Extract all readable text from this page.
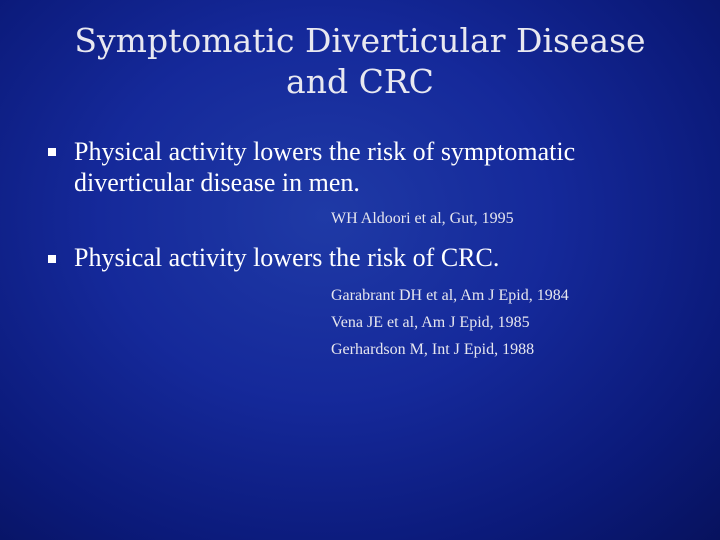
Symptomatic Diverticular Disease
and CRC
Physical activity lowers the risk of symptomatic diverticular disease in men.
WH Aldoori et al, Gut, 1995
Physical activity lowers the risk of CRC.
Garabrant DH et al, Am J Epid, 1984
Vena JE et al, Am J Epid, 1985
Gerhardson M, Int J Epid, 1988
